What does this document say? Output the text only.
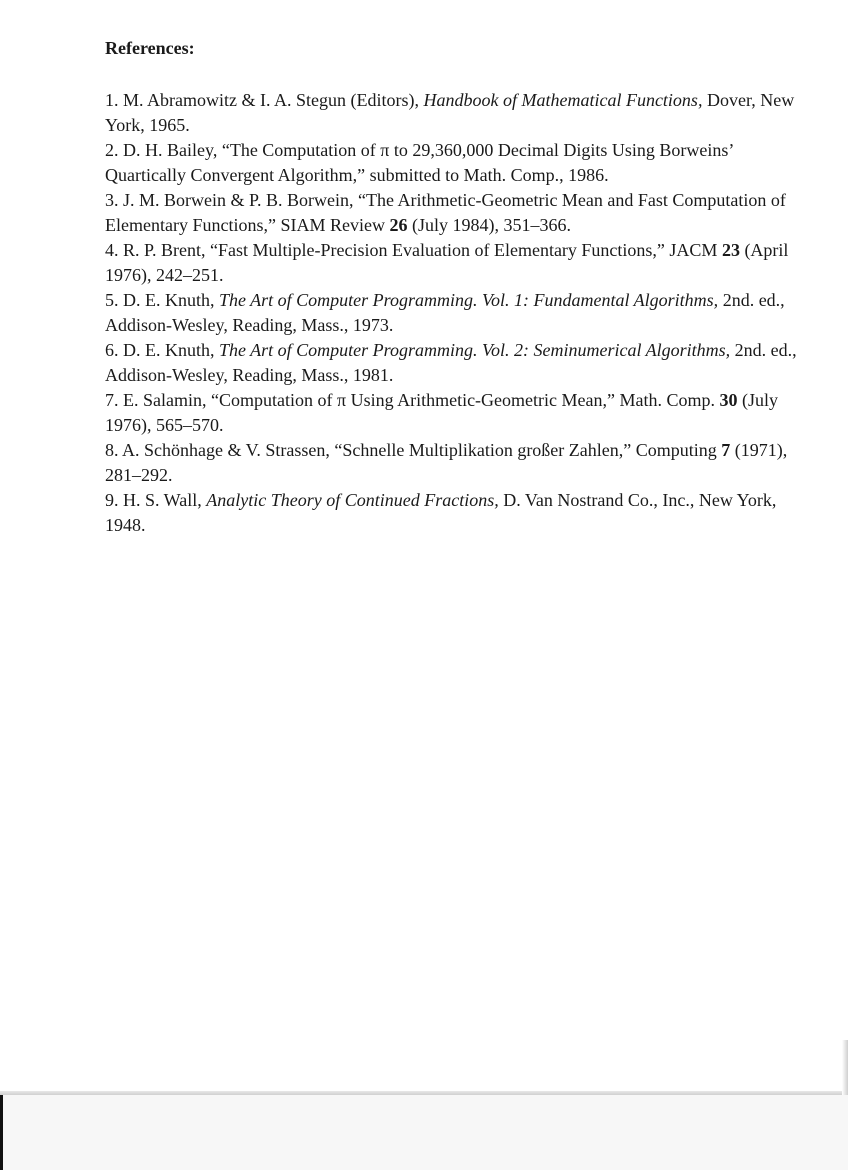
References:
1. M. Abramowitz & I. A. Stegun (Editors), Handbook of Mathematical Functions, Dover, New York, 1965.
2. D. H. Bailey, “The Computation of π to 29,360,000 Decimal Digits Using Borweins’ Quartically Convergent Algorithm,” submitted to Math. Comp., 1986.
3. J. M. Borwein & P. B. Borwein, “The Arithmetic-Geometric Mean and Fast Computation of Elementary Functions,” SIAM Review 26 (July 1984), 351–366.
4. R. P. Brent, “Fast Multiple-Precision Evaluation of Elementary Functions,” JACM 23 (April 1976), 242–251.
5. D. E. Knuth, The Art of Computer Programming. Vol. 1: Fundamental Algorithms, 2nd. ed., Addison-Wesley, Reading, Mass., 1973.
6. D. E. Knuth, The Art of Computer Programming. Vol. 2: Seminumerical Algorithms, 2nd. ed., Addison-Wesley, Reading, Mass., 1981.
7. E. Salamin, “Computation of π Using Arithmetic-Geometric Mean,” Math. Comp. 30 (July 1976), 565–570.
8. A. Schönhage & V. Strassen, “Schnelle Multiplikation großer Zahlen,” Computing 7 (1971), 281–292.
9. H. S. Wall, Analytic Theory of Continued Fractions, D. Van Nostrand Co., Inc., New York, 1948.
